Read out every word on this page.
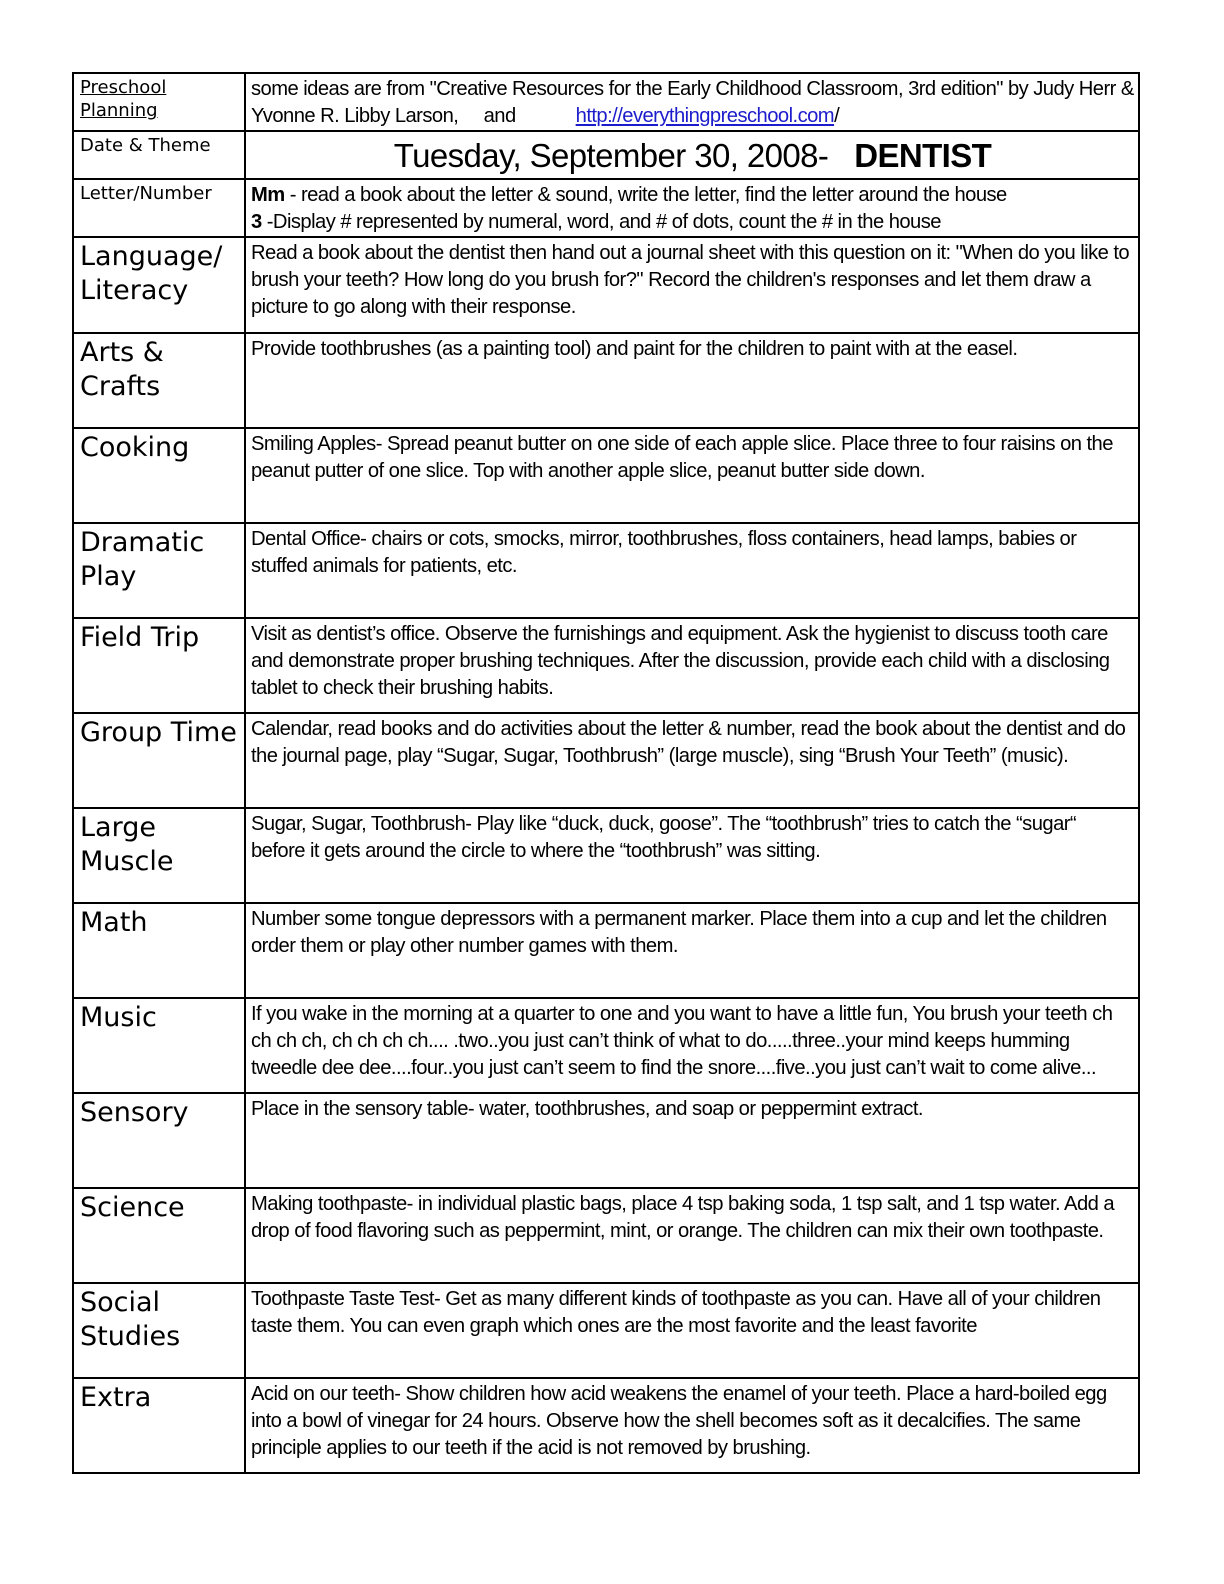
Preschool Planning	some ideas are from "Creative Resources for the Early Childhood Classroom, 3rd edition" by Judy Herr &
Yvonne R. Libby Larson,     and http://everythingpreschool.com/

Date & Theme	Tuesday, September 30, 2008- DENTIST
Letter/Number	Mm - read a book about the letter & sound, write the letter, find the letter around the house
3 -Display # represented by numeral, word, and # of dots, count the # in the house

Language/ Literacy	Read a book about the dentist then hand out a journal sheet with this question on it: "When do you like to brush your teeth? How long do you brush for?" Record the children's responses and let them draw a picture to go along with their response.
Arts & Crafts	Provide toothbrushes (as a painting tool) and paint for the children to paint with at the easel.
Cooking	Smiling Apples- Spread peanut butter on one side of each apple slice. Place three to four raisins on the peanut putter of one slice. Top with another apple slice, peanut butter side down.
Dramatic Play	Dental Office- chairs or cots, smocks, mirror, toothbrushes, floss containers, head lamps, babies or stuffed animals for patients, etc.
Field Trip	Visit as dentist’s office. Observe the furnishings and equipment. Ask the hygienist to discuss tooth care and demonstrate proper brushing techniques. After the discussion, provide each child with a disclosing tablet to check their brushing habits.
Group Time	Calendar, read books and do activities about the letter & number, read the book about the dentist and do the journal page, play “Sugar, Sugar, Toothbrush” (large muscle), sing “Brush Your Teeth” (music).
Large Muscle	Sugar, Sugar, Toothbrush- Play like “duck, duck, goose”. The “toothbrush” tries to catch the “sugar“ before it gets around the circle to where the “toothbrush” was sitting.
Math	Number some tongue depressors with a permanent marker. Place them into a cup and let the children order them or play other number games with them.
Music	If you wake in the morning at a quarter to one and you want to have a little fun, You brush your teeth ch ch ch ch, ch ch ch ch.... .two..you just can’t think of what to do.....three..your mind keeps humming tweedle dee dee....four..you just can’t seem to find the snore....five..you just can’t wait to come alive...
Sensory	Place in the sensory table- water, toothbrushes, and soap or peppermint extract.
Science	Making toothpaste- in individual plastic bags, place 4 tsp baking soda, 1 tsp salt, and 1 tsp water. Add a drop of food flavoring such as peppermint, mint, or orange. The children can mix their own toothpaste.
Social Studies	Toothpaste Taste Test- Get as many different kinds of toothpaste as you can. Have all of your children taste them. You can even graph which ones are the most favorite and the least favorite
Extra	Acid on our teeth- Show children how acid weakens the enamel of your teeth. Place a hard-boiled egg into a bowl of vinegar for 24 hours. Observe how the shell becomes soft as it decalcifies. The same principle applies to our teeth if the acid is not removed by brushing.
